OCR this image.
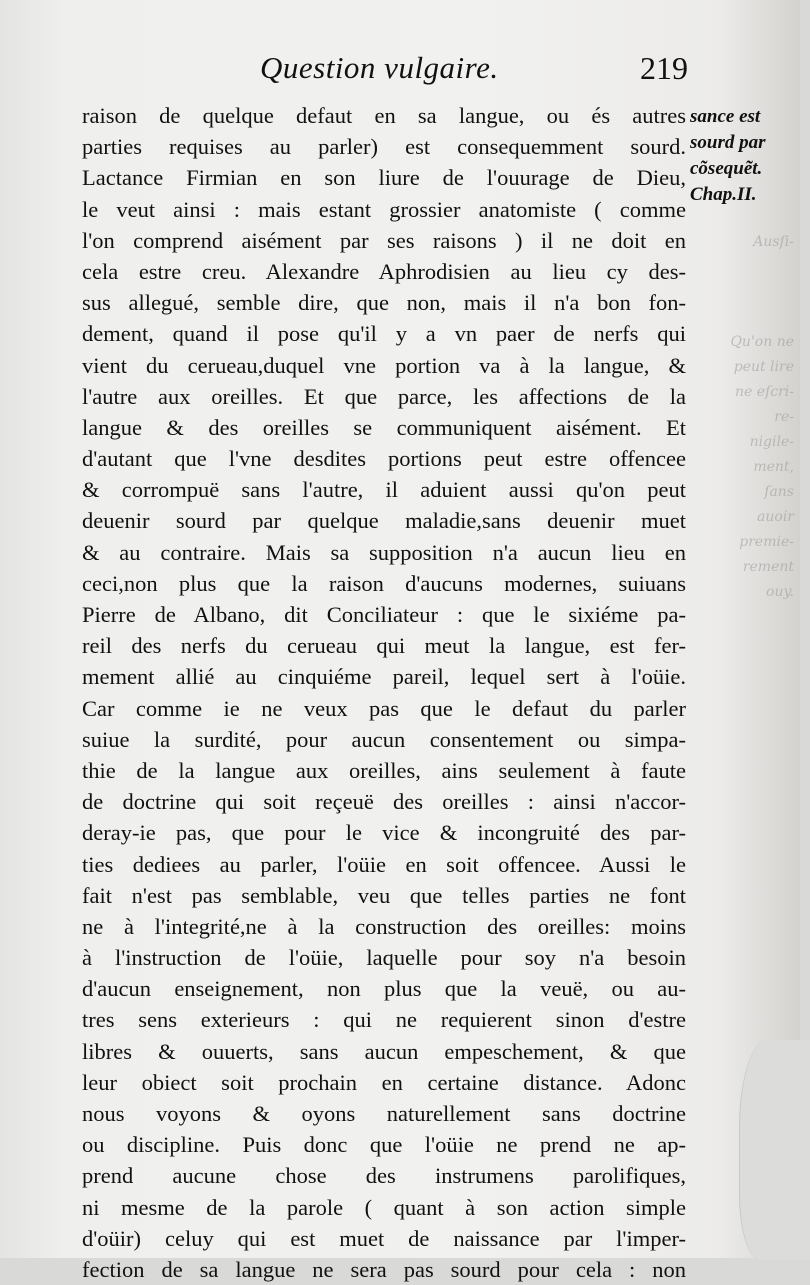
Ausſi-

Qu'on ne
peut lire
ne eſcri-
re-
nigile-
ment, ſans
auoir
premie-
rement
ouy.
Question vulgaire.	219
raison de quelque defaut en sa langue, ou és autres
parties requises au parler) est consequemment sourd.
Lactance Firmian en son liure de l'ouurage de Dieu,
le veut ainsi : mais estant grossier anatomiste ( comme
l'on comprend aisément par ses raisons ) il ne doit en
cela estre creu. Alexandre Aphrodisien au lieu cy des-
sus allegué, semble dire, que non, mais il n'a bon fon-
dement, quand il pose qu'il y a vn paer de nerfs qui
vient du cerueau,duquel vne portion va à la langue, &
l'autre aux oreilles. Et que parce, les affections de la
langue & des oreilles se communiquent aisément. Et
d'autant que l'vne desdites portions peut estre offencee
& corrompuë sans l'autre, il aduient aussi qu'on peut
deuenir sourd par quelque maladie,sans deuenir muet
& au contraire. Mais sa supposition n'a aucun lieu en
ceci,non plus que la raison d'aucuns modernes, suiuans
Pierre de Albano, dit Conciliateur : que le sixiéme pa-
reil des nerfs du cerueau qui meut la langue, est fer-
mement allié au cinquiéme pareil, lequel sert à l'oüie.
Car comme ie ne veux pas que le defaut du parler
suiue la surdité, pour aucun consentement ou simpa-
thie de la langue aux oreilles, ains seulement à faute
de doctrine qui soit reçeuë des oreilles : ainsi n'accor-
deray-ie pas, que pour le vice & incongruité des par-
ties dediees au parler, l'oüie en soit offencee. Aussi le
fait n'est pas semblable, veu que telles parties ne font
ne à l'integrité,ne à la construction des oreilles: moins
à l'instruction de l'oüie, laquelle pour soy n'a besoin
d'aucun enseignement, non plus que la veuë, ou au-
tres sens exterieurs : qui ne requierent sinon d'estre
libres & ouuerts, sans aucun empeschement, & que
leur obiect soit prochain en certaine distance. Adonc
nous voyons & oyons naturellement sans doctrine
ou discipline. Puis donc que l'oüie ne prend ne ap-
prend aucune chose des instrumens parolifiques,
ni mesme de la parole ( quant à son action simple
d'oüir) celuy qui est muet de naissance par l'imper-
fection de sa langue ne sera pas sourd pour cela : non
sance est
sourd par
cõsequẽt.
Chap.II.
